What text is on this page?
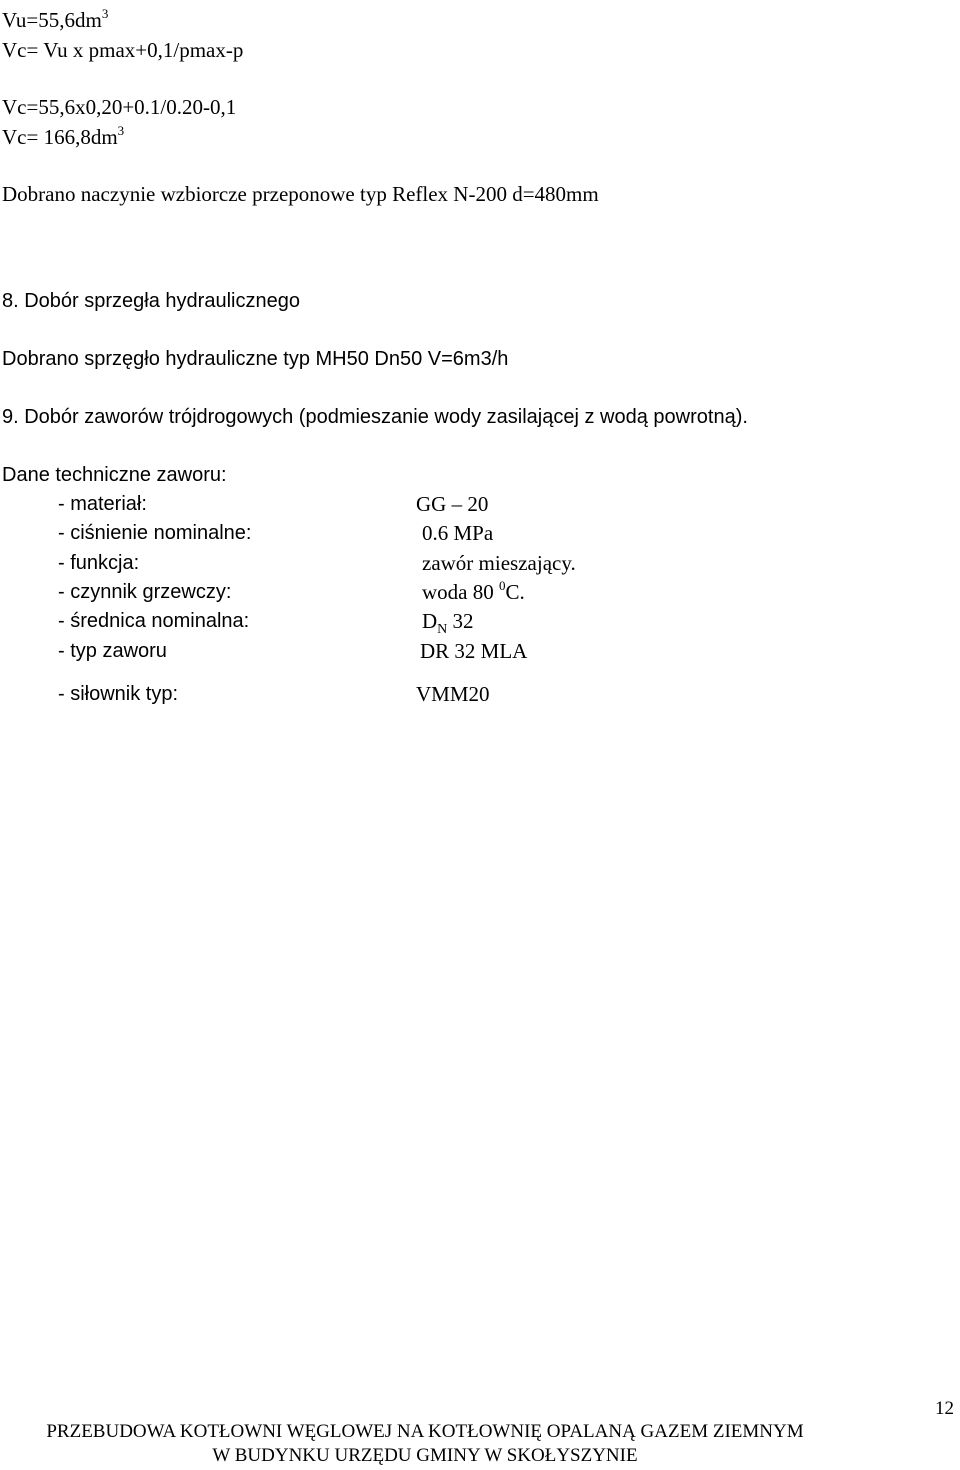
$Vu=55,6dm^3$
Vc= Vu x pmax+0,1/pmax-p
Vc=55,6x0,20+0.1/0.20-0,1
$Vc= 166,8dm^3$
Dobrano naczynie wzbiorcze przeponowe typ Reflex N-200 d=480mm
8. Dobór sprzegła hydraulicznego
Dobrano sprzęgło hydrauliczne typ MH50 Dn50 V=6m3/h
9. Dobór zaworów trójdrogowych (podmieszanie wody zasilającej z wodą powrotną).
Dane techniczne zaworu:
- materiał:	GG – 20
- ciśnienie nominalne:	0.6 MPa
- funkcja:	zawór mieszający.
- czynnik grzewczy:	woda 80 $^0$C.
- średnica nominalna:	$D_N$ 32
- typ zaworu	DR 32 MLA
- siłownik typ:	VMM20
12
PRZEBUDOWA KOTŁOWNI WĘGLOWEJ NA KOTŁOWNIĘ OPALANĄ GAZEM ZIEMNYM
W BUDYNKU URZĘDU GMINY W SKOŁYSZYNIE
